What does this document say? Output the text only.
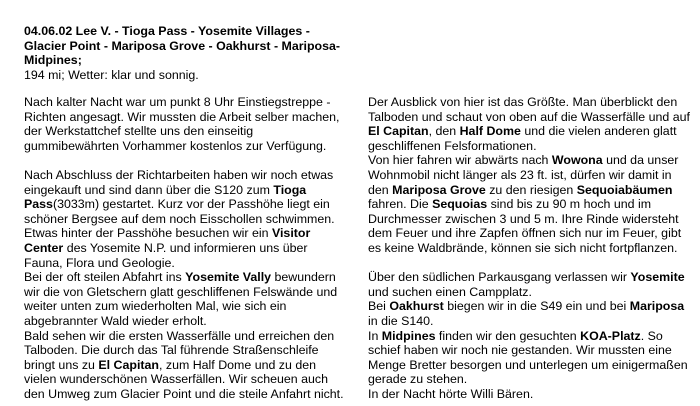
04.06.02 Lee V. - Tioga Pass - Yosemite Villages -
Glacier Point - Mariposa Grove - Oakhurst - Mariposa-
Midpines;
194 mi; Wetter: klar und sonnig.
Nach kalter Nacht war um punkt 8 Uhr Einstiegstreppe -
Richten angesagt. Wir mussten die Arbeit selber machen,
der Werkstattchef stellte uns den einseitig
gummibewährten Vorhammer kostenlos zur Verfügung.
Nach Abschluss der Richtarbeiten haben wir noch etwas
eingekauft und sind dann über die S120 zum Tioga
Pass(3033m) gestartet. Kurz vor der Passhöhe liegt ein
schöner Bergsee auf dem noch Eisschollen schwimmen.
Etwas hinter der Passhöhe besuchen wir ein Visitor
Center des Yosemite N.P. und informieren uns über
Fauna, Flora und Geologie.
Bei der oft steilen Abfahrt ins Yosemite Vally bewundern
wir die von Gletschern glatt geschliffenen Felswände und
weiter unten zum wiederholten Mal, wie sich ein
abgebrannter Wald wieder erholt.
Bald sehen wir die ersten Wasserfälle und erreichen den
Talboden. Die durch das Tal führende Straßenschleife
bringt uns zu El Capitan, zum Half Dome und zu den
vielen wunderschönen Wasserfällen. Wir scheuen auch
den Umweg zum Glacier Point und die steile Anfahrt nicht.
Der Ausblick von hier ist das Größte. Man überblickt den
Talboden und schaut von oben auf die Wasserfälle und auf
El Capitan, den Half Dome und die vielen anderen glatt
geschliffenen Felsformationen.
Von hier fahren wir abwärts nach Wowona und da unser
Wohnmobil nicht länger als 23 ft. ist, dürfen wir damit in
den Mariposa Grove zu den riesigen Sequoiabäumen
fahren. Die Sequoias sind bis zu 90 m hoch und im
Durchmesser zwischen 3 und 5 m. Ihre Rinde widersteht
dem Feuer und ihre Zapfen öffnen sich nur im Feuer, gibt
es keine Waldbrände, können sie sich nicht fortpflanzen.
Über den südlichen Parkausgang verlassen wir Yosemite
und suchen einen Campplatz.
Bei Oakhurst biegen wir in die S49 ein und bei Mariposa
in die S140.
In Midpines finden wir den gesuchten KOA-Platz. So
schief haben wir noch nie gestanden. Wir mussten eine
Menge Bretter besorgen und unterlegen um einigermaßen
gerade zu stehen.
In der Nacht hörte Willi Bären.
